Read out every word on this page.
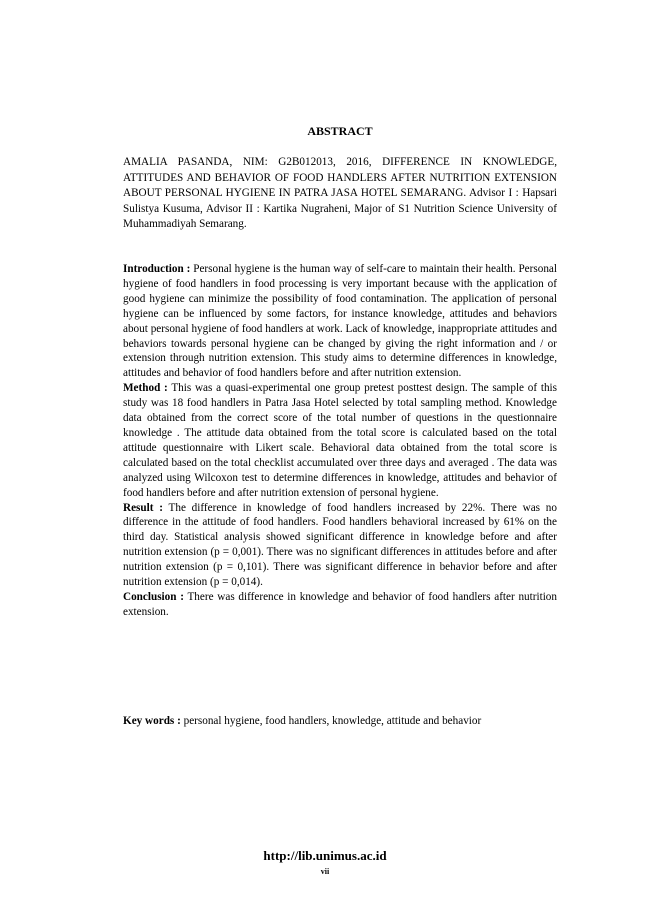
ABSTRACT
AMALIA PASANDA, NIM: G2B012013, 2016, DIFFERENCE IN KNOWLEDGE, ATTITUDES AND BEHAVIOR OF FOOD HANDLERS AFTER NUTRITION EXTENSION ABOUT PERSONAL HYGIENE IN PATRA JASA HOTEL SEMARANG. Advisor I : Hapsari Sulistya Kusuma, Advisor II : Kartika Nugraheni, Major of S1 Nutrition Science University of Muhammadiyah Semarang.

Introduction : Personal hygiene is the human way of self-care to maintain their health. Personal hygiene of food handlers in food processing is very important because with the application of good hygiene can minimize the possibility of food contamination. The application of personal hygiene can be influenced by some factors, for instance knowledge, attitudes and behaviors about personal hygiene of food handlers at work. Lack of knowledge, inappropriate attitudes and behaviors towards personal hygiene can be changed by giving the right information and / or extension through nutrition extension. This study aims to determine differences in knowledge, attitudes and behavior of food handlers before and after nutrition extension.

Method : This was a quasi-experimental one group pretest posttest design. The sample of this study was 18 food handlers in Patra Jasa Hotel selected by total sampling method. Knowledge data obtained from the correct score of the total number of questions in the questionnaire knowledge . The attitude data obtained from the total score is calculated based on the total attitude questionnaire with Likert scale. Behavioral data obtained from the total score is calculated based on the total checklist accumulated over three days and averaged . The data was analyzed using Wilcoxon test to determine differences in knowledge, attitudes and behavior of food handlers before and after nutrition extension of personal hygiene.

Result : The difference in knowledge of food handlers increased by 22%. There was no difference in the attitude of food handlers. Food handlers behavioral increased by 61% on the third day. Statistical analysis showed significant difference in knowledge before and after nutrition extension (p = 0,001). There was no significant differences in attitudes before and after nutrition extension (p = 0,101). There was significant difference in behavior before and after nutrition extension (p = 0,014).

Conclusion : There was difference in knowledge and behavior of food handlers after nutrition extension.

Key words : personal hygiene, food handlers, knowledge, attitude and behavior
http://lib.unimus.ac.id
vii
